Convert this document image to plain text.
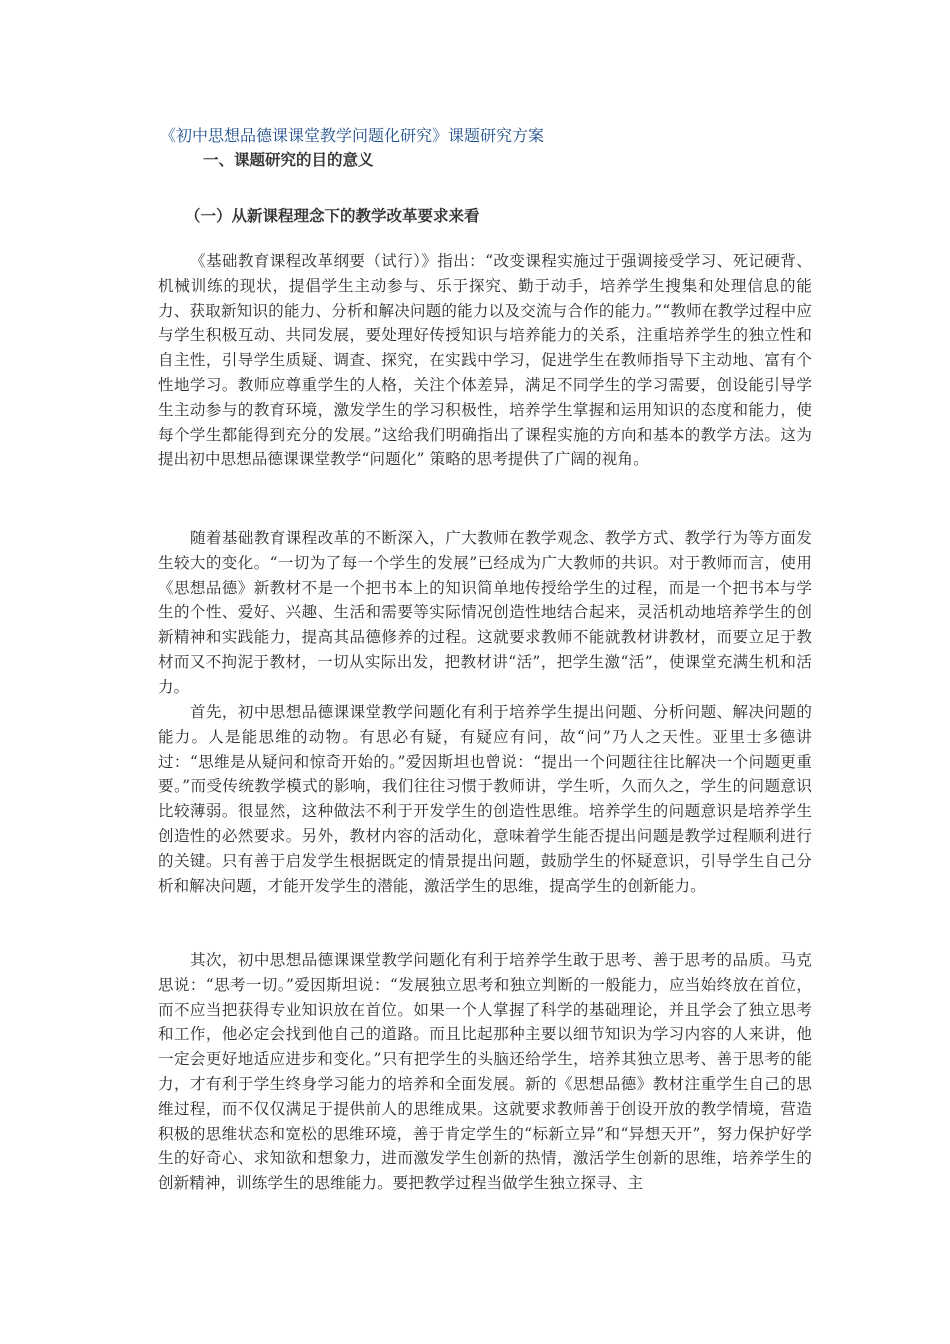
《初中思想品德课课堂教学问题化研究》课题研究方案
一、课题研究的目的意义
（一）从新课程理念下的教学改革要求来看

《基础教育课程改革纲要（试行）》指出：“改变课程实施过于强调接受学习、死记硬背、机械训练的现状，提倡学生主动参与、乐于探究、勤于动手，培养学生搜集和处理信息的能力、获取新知识的能力、分析和解决问题的能力以及交流与合作的能力。”“教师在教学过程中应与学生积极互动、共同发展，要处理好传授知识与培养能力的关系，注重培养学生的独立性和自主性，引导学生质疑、调查、探究，在实践中学习，促进学生在教师指导下主动地、富有个性地学习。教师应尊重学生的人格，关注个体差异，满足不同学生的学习需要，创设能引导学生主动参与的教育环境，激发学生的学习积极性，培养学生掌握和运用知识的态度和能力，使每个学生都能得到充分的发展。”这给我们明确指出了课程实施的方向和基本的教学方法。这为提出初中思想品德课课堂教学“问题化” 策略的思考提供了广阔的视角。

随着基础教育课程改革的不断深入，广大教师在教学观念、教学方式、教学行为等方面发生较大的变化。“一切为了每一个学生的发展”已经成为广大教师的共识。对于教师而言，使用《思想品德》新教材不是一个把书本上的知识简单地传授给学生的过程，而是一个把书本与学生的个性、爱好、兴趣、生活和需要等实际情况创造性地结合起来，灵活机动地培养学生的创新精神和实践能力，提高其品德修养的过程。这就要求教师不能就教材讲教材，而要立足于教材而又不拘泥于教材，一切从实际出发，把教材讲“活”，把学生激“活”，使课堂充满生机和活力。

首先，初中思想品德课课堂教学问题化有利于培养学生提出问题、分析问题、解决问题的能力。人是能思维的动物。有思必有疑，有疑应有问，故“问”乃人之天性。亚里士多德讲过：“思维是从疑问和惊奇开始的。”爱因斯坦也曾说：“提出一个问题往往比解决一个问题更重要。”而受传统教学模式的影响，我们往往习惯于教师讲，学生听，久而久之，学生的问题意识比较薄弱。很显然，这种做法不利于开发学生的创造性思维。培养学生的问题意识是培养学生创造性的必然要求。另外，教材内容的活动化，意味着学生能否提出问题是教学过程顺利进行的关键。只有善于启发学生根据既定的情景提出问题，鼓励学生的怀疑意识，引导学生自己分析和解决问题，才能开发学生的潜能，激活学生的思维，提高学生的创新能力。

其次，初中思想品德课课堂教学问题化有利于培养学生敢于思考、善于思考的品质。马克思说：“思考一切。”爱因斯坦说：“发展独立思考和独立判断的一般能力，应当始终放在首位，而不应当把获得专业知识放在首位。如果一个人掌握了科学的基础理论，并且学会了独立思考和工作，他必定会找到他自己的道路。而且比起那种主要以细节知识为学习内容的人来讲，他一定会更好地适应进步和变化。”只有把学生的头脑还给学生，培养其独立思考、善于思考的能力，才有利于学生终身学习能力的培养和全面发展。新的《思想品德》教材注重学生自己的思维过程，而不仅仅满足于提供前人的思维成果。这就要求教师善于创设开放的教学情境，营造积极的思维状态和宽松的思维环境，善于肯定学生的“标新立异”和“异想天开”，努力保护好学生的好奇心、求知欲和想象力，进而激发学生创新的热情，激活学生创新的思维，培养学生的创新精神，训练学生的思维能力。要把教学过程当做学生独立探寻、主
